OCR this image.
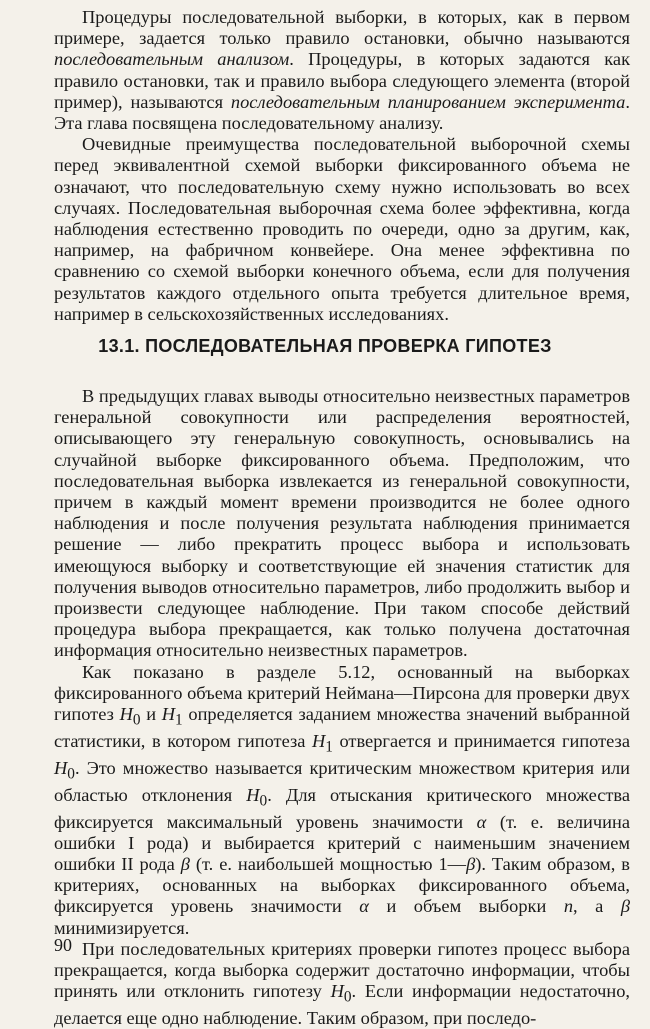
Процедуры последовательной выборки, в которых, как в первом примере, задается только правило остановки, обычно называются последовательным анализом. Процедуры, в которых задаются как правило остановки, так и правило выбора следующего элемента (второй пример), называются последовательным планированием эксперимента. Эта глава посвящена последовательному анализу.

Очевидные преимущества последовательной выборочной схемы перед эквивалентной схемой выборки фиксированного объема не означают, что последовательную схему нужно использовать во всех случаях. Последовательная выборочная схема более эффективна, когда наблюдения естественно проводить по очереди, одно за другим, как, например, на фабричном конвейере. Она менее эффективна по сравнению со схемой выборки конечного объема, если для получения результатов каждого отдельного опыта требуется длительное время, например в сельскохозяйственных исследованиях.

13.1. ПОСЛЕДОВАТЕЛЬНАЯ ПРОВЕРКА ГИПОТЕЗ

В предыдущих главах выводы относительно неизвестных параметров генеральной совокупности или распределения вероятностей, описывающего эту генеральную совокупность, основывались на случайной выборке фиксированного объема. Предположим, что последовательная выборка извлекается из генеральной совокупности, причем в каждый момент времени производится не более одного наблюдения и после получения результата наблюдения принимается решение — либо прекратить процесс выбора и использовать имеющуюся выборку и соответствующие ей значения статистик для получения выводов относительно параметров, либо продолжить выбор и произвести следующее наблюдение. При таком способе действий процедура выбора прекращается, как только получена достаточная информация относительно неизвестных параметров.

Как показано в разделе 5.12, основанный на выборках фиксированного объема критерий Неймана—Пирсона для проверки двух гипотез $H_0$ и $H_1$ определяется заданием множества значений выбранной статистики, в котором гипотеза $H_1$ отвергается и принимается гипотеза $H_0$. Это множество называется критическим множеством критерия или областью отклонения $H_0$. Для отыскания критического множества фиксируется максимальный уровень значимости α (т. е. величина ошибки I рода) и выбирается критерий с наименьшим значением ошибки II рода β (т. е. наибольшей мощностью 1—β). Таким образом, в критериях, основанных на выборках фиксированного объема, фиксируется уровень значимости α и объем выборки n, а β минимизируется.

При последовательных критериях проверки гипотез процесс выбора прекращается, когда выборка содержит достаточно информации, чтобы принять или отклонить гипотезу $H_0$. Если информации недостаточно, делается еще одно наблюдение. Таким образом, при последо-

90
